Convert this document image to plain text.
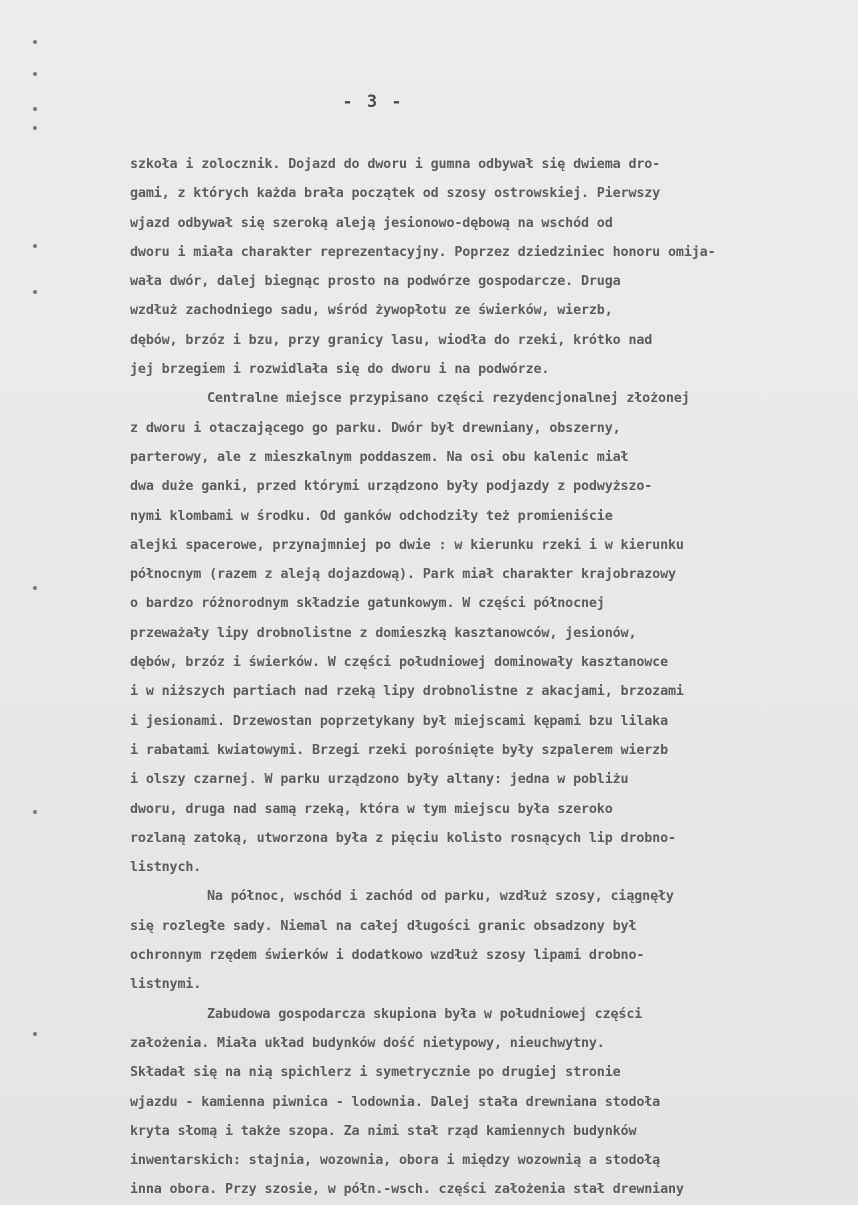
- 3 -
szkoła i zolocznik. Dojazd do dworu i gumna odbywał się dwiema dro-
gami, z których każda brała początek od szosy ostrowskiej. Pierwszy
wjazd odbywał się szeroką aleją jesionowo-dębową na wschód od
dworu i miała charakter reprezentacyjny. Poprzez dziedziniec honoru omija-
wała dwór, dalej biegnąc prosto na podwórze gospodarcze. Druga
wzdłuż zachodniego sadu, wśród żywopłotu ze świerków, wierzb,
dębów, brzóz i bzu, przy granicy lasu, wiodła do rzeki, krótko nad
jej brzegiem i rozwidlała się do dworu i na podwórze.
Centralne miejsce przypisano części rezydencjonalnej złożonej
z dworu i otaczającego go parku. Dwór był drewniany, obszerny,
parterowy, ale z mieszkalnym poddaszem. Na osi obu kalenic miał
dwa duże ganki, przed którymi urządzono były podjazdy z podwyższo-
nymi klombami w środku. Od ganków odchodziły też promieniście
alejki spacerowe, przynajmniej po dwie : w kierunku rzeki i w kierunku
północnym (razem z aleją dojazdową). Park miał charakter krajobrazowy
o bardzo różnorodnym składzie gatunkowym. W części północnej
przeważały lipy drobnolistne z domieszką kasztanowców, jesionów,
dębów, brzóz i świerków. W części południowej dominowały kasztanowce
i w niższych partiach nad rzeką lipy drobnolistne z akacjami, brzozami
i jesionami. Drzewostan poprzetykany był miejscami kępami bzu lilaka
i rabatami kwiatowymi. Brzegi rzeki porośnięte były szpalerem wierzb
i olszy czarnej. W parku urządzono były altany: jedna w pobliżu
dworu, druga nad samą rzeką, która w tym miejscu była szeroko
rozlaną zatoką, utworzona była z pięciu kolisto rosnących lip drobno-
listnych.
Na północ, wschód i zachód od parku, wzdłuż szosy, ciągnęły
się rozległe sady. Niemal na całej długości granic obsadzony był
ochronnym rzędem świerków i dodatkowo wzdłuż szosy lipami drobno-
listnymi.
Zabudowa gospodarcza skupiona była w południowej części
założenia. Miała układ budynków dość nietypowy, nieuchwytny.
Składał się na nią spichlerz i symetrycznie po drugiej stronie
wjazdu - kamienna piwnica - lodownia. Dalej stała drewniana stodoła
kryta słomą i także szopa. Za nimi stał rząd kamiennych budynków
inwentarskich: stajnia, wozownia, obora i między wozownią a stodołą
inna obora. Przy szosie, w półn.-wsch. części założenia stał drewniany
